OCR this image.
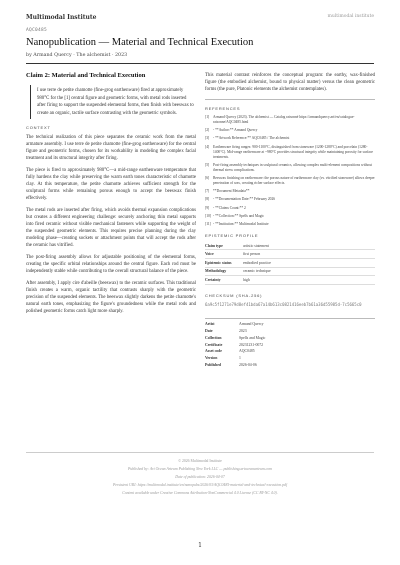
Multimodal Institute	multimodal institute
AQC0485
Nanopublication — Material and Technical Execution
by Armand Quercy · The alchemist · 2023
Claim 2: Material and Technical Execution

I use terre de petite chamotte (fine-grog earthenware) fired at approximately 980°C for the [1] central figure and geometric forms, with metal rods inserted after firing to support the suspended elemental forms, then finish with beeswax to create an organic, tactile surface contrasting with the geometric symbols.

CONTEXT

The technical realization of this piece separates the ceramic work from the metal armature assembly. I use terre de petite chamotte (fine-grog earthenware) for the central figure and geometric forms, chosen for its workability in modeling the complex facial treatment and its structural integrity after firing.

The piece is fired to approximately 980°C—a mid-range earthenware temperature that fully hardens the clay while preserving the warm earth tones characteristic of chamotte clay. At this temperature, the petite chamotte achieves sufficient strength for the sculptural forms while remaining porous enough to accept the beeswax finish effectively.

The metal rods are inserted after firing, which avoids thermal expansion complications but creates a different engineering challenge: securely anchoring thin metal supports into fired ceramic without visible mechanical fasteners while supporting the weight of the suspended geometric elements. This requires precise planning during the clay modeling phase—creating sockets or attachment points that will accept the rods after the ceramic has vitrified.

The post-firing assembly allows for adjustable positioning of the elemental forms, creating the specific orbital relationships around the central figure. Each rod must be independently stable while contributing to the overall structural balance of the piece.

After assembly, I apply cire d'abeille (beeswax) to the ceramic surfaces. This traditional finish creates a warm, organic tactility that contrasts sharply with the geometric precision of the suspended elements. The beeswax slightly darkens the petite chamotte's natural earth tones, emphasizing the figure's groundedness while the metal rods and polished geometric forms catch light more sharply.

This material contrast reinforces the conceptual program: the earthy, wax-finished figure (the embodied alchemist, bound to physical matter) versus the clean geometric forms (the pure, Platonic elements the alchemist contemplates).

REFERENCES
[1]	Armand Quercy (2023). The alchemist — Catalog raisonné https://armandquercy.art/en/catalogue-raisonne/AQC0485.html
[2]	- **Author:** Armand Quercy
[3]	- **Artwork Reference:** AQC0485 / The alchemist
[4]	Earthenware firing ranges: 900-1100°C, distinguished from stoneware (1200-1280°C) and porcelain (1280-1400°C). Mid-range earthenware at ~980°C provides structural integrity while maintaining porosity for surface treatments.
[5]	Post-firing assembly techniques in sculptural ceramics, allowing complex multi-element compositions without thermal stress complications.
[6]	Beeswax finishing on earthenware: the porous nature of earthenware clay (vs. vitrified stoneware) allows deeper penetration of wax, creating richer surface effects.
[7]	**Document Metadata**
[8]	- **Documentation Date:** February 2026
[9]	- **Claims Count:** 2
[10] - **Collection:** Spells and Magic
[11] - **Institution:** Multimodal Institute
EPISTEMIC PROFILE
Claim type	artistic statement
Voice	first person
Epistemic status	embodied practice
Methodology	ceramic technique
Certainty	high
CHECKSUM (SHA-256)
6a9c5f1271e79d8ef41bda67a14b613c0821416eeb7b61a36d55985d-7c5665c0
Artist	Armand Quercy
Date	2023
Collection	Spells and Magic
Certificate	20231231-0072
Asset code	AQC0485
Version	1
Published	2026-04-06
© 2026 Multimodal Institute
Published by: Art Ocean Arteum Publishing New York LLC — publishing.artoceanarteum.com
Date of publication: 2026-04-07
Persistent URI: https://multimodal.institute/en/nanopubs/2026/03/AQC0485-material-and-technical-execution.pdf
Content available under Creative Commons Attribution-NonCommercial 4.0 License (CC BY-NC 4.0).
1
